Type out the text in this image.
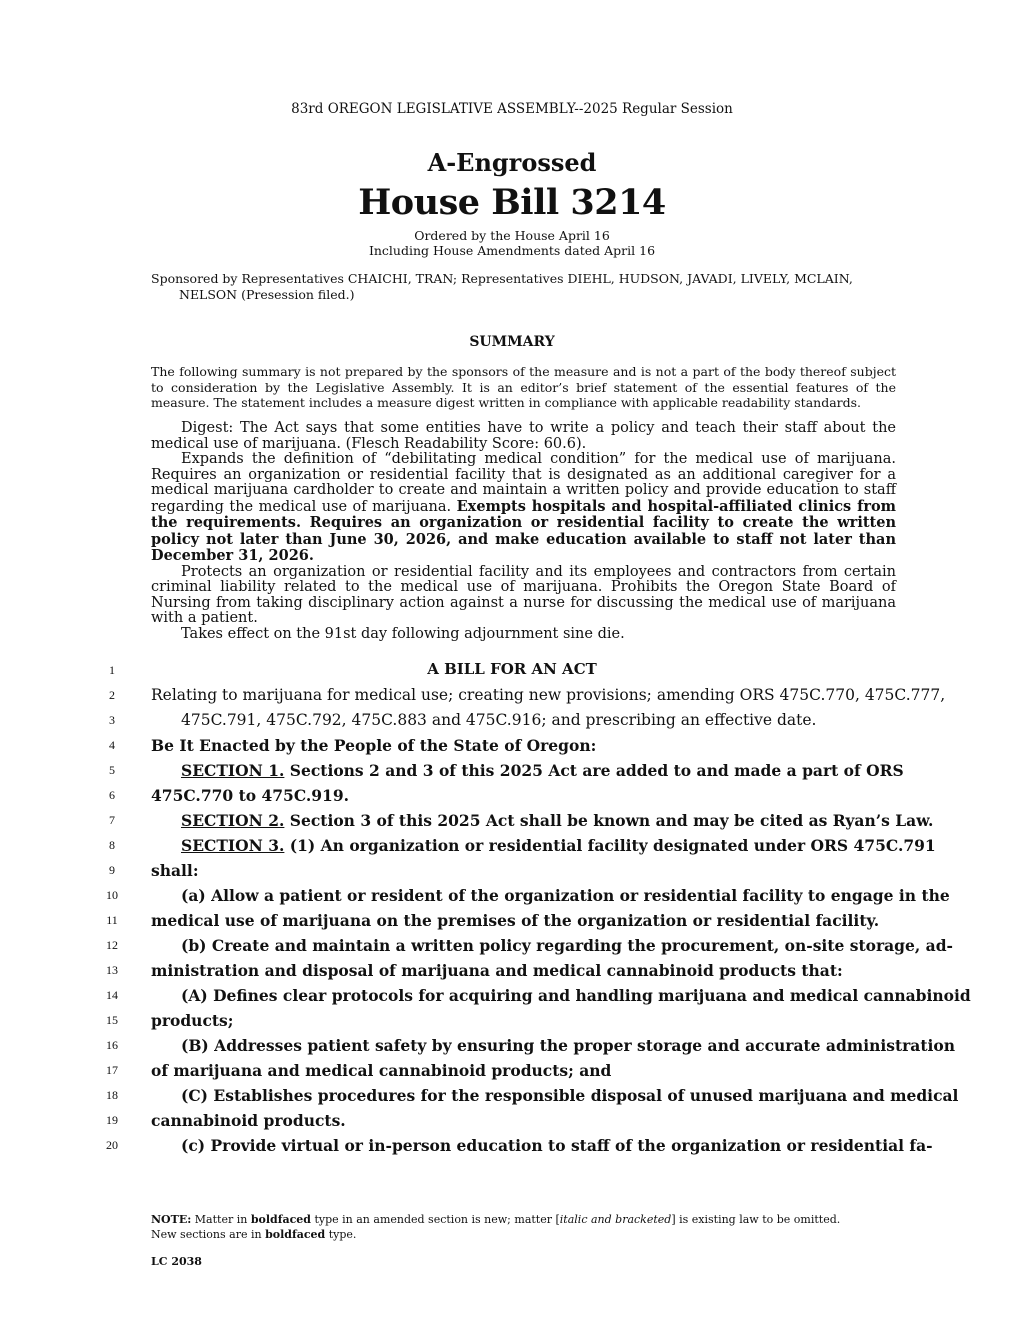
83rd OREGON LEGISLATIVE ASSEMBLY--2025 Regular Session
A-Engrossed
House Bill 3214
Ordered by the House April 16
Including House Amendments dated April 16
Sponsored by Representatives CHAICHI, TRAN; Representatives DIEHL, HUDSON, JAVADI, LIVELY, MCLAIN,
NELSON (Presession filed.)
SUMMARY
The following summary is not prepared by the sponsors of the measure and is not a part of the body thereof subject to consideration by the Legislative Assembly. It is an editor’s brief statement of the essential features of the measure. The statement includes a measure digest written in compliance with applicable readability standards.

Digest: The Act says that some entities have to write a policy and teach their staff about the medical use of marijuana. (Flesch Readability Score: 60.6).

Expands the definition of “debilitating medical condition” for the medical use of marijuana. Requires an organization or residential facility that is designated as an additional caregiver for a medical marijuana cardholder to create and maintain a written policy and provide education to staff regarding the medical use of marijuana. Exempts hospitals and hospital-affiliated clinics from the requirements. Requires an organization or residential facility to create the written policy not later than June 30, 2026, and make education available to staff not later than December 31, 2026.

Protects an organization or residential facility and its employees and contractors from certain criminal liability related to the medical use of marijuana. Prohibits the Oregon State Board of Nursing from taking disciplinary action against a nurse for discussing the medical use of marijuana with a patient.

Takes effect on the 91st day following adjournment sine die.

A BILL FOR AN ACT
1
2
3
4
5
6
7
8
9
10
11
12
13
14
15
16
17
18
19
20
Relating to marijuana for medical use; creating new provisions; amending ORS 475C.770, 475C.777,
475C.791, 475C.792, 475C.883 and 475C.916; and prescribing an effective date.
Be It Enacted by the People of the State of Oregon:
SECTION 1. Sections 2 and 3 of this 2025 Act are added to and made a part of ORS
475C.770 to 475C.919.
SECTION 2. Section 3 of this 2025 Act shall be known and may be cited as Ryan’s Law.
SECTION 3. (1) An organization or residential facility designated under ORS 475C.791
shall:
(a) Allow a patient or resident of the organization or residential facility to engage in the
medical use of marijuana on the premises of the organization or residential facility.
(b) Create and maintain a written policy regarding the procurement, on-site storage, ad-
ministration and disposal of marijuana and medical cannabinoid products that:
(A) Defines clear protocols for acquiring and handling marijuana and medical cannabinoid
products;
(B) Addresses patient safety by ensuring the proper storage and accurate administration
of marijuana and medical cannabinoid products; and
(C) Establishes procedures for the responsible disposal of unused marijuana and medical
cannabinoid products.
(c) Provide virtual or in-person education to staff of the organization or residential fa-
NOTE: Matter in boldfaced type in an amended section is new; matter [italic and bracketed] is existing law to be omitted.
New sections are in boldfaced type.
LC 2038
